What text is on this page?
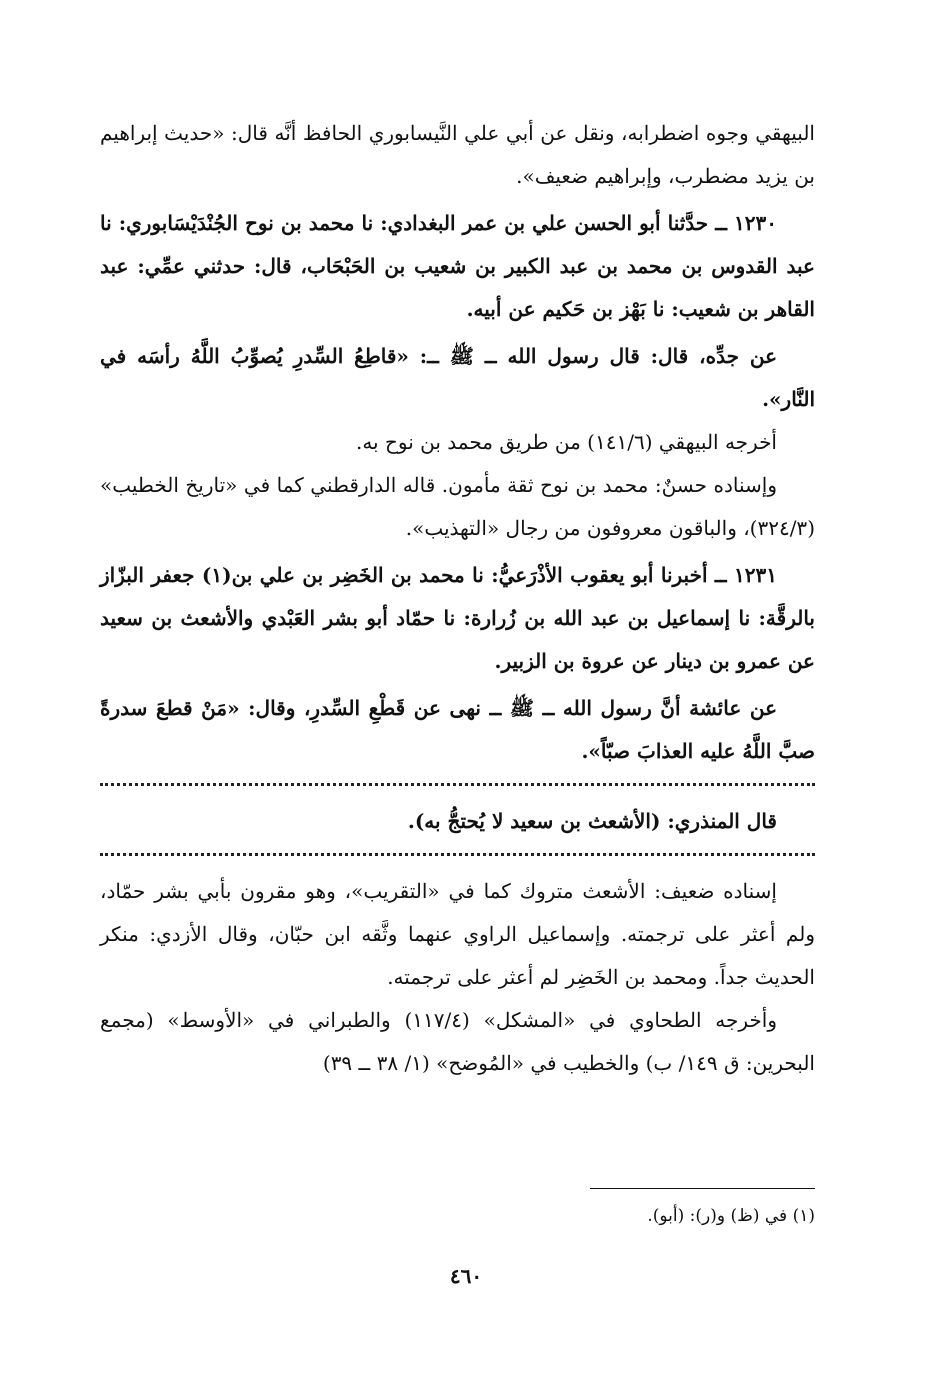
البيهقي وجوه اضطرابه، ونقل عن أبي علي النَّيسابوري الحافظ أنَّه قال: «حديث إبراهيم بن يزيد مضطرب، وإبراهيم ضعيف».

١٢٣٠ ــ حدَّثنا أبو الحسن علي بن عمر البغدادي: نا محمد بن نوح الجُنْدَيْسَابوري: نا عبد القدوس بن محمد بن عبد الكبير بن شعيب بن الحَبْحَاب، قال: حدثني عمِّي: عبد القاهر بن شعيب: نا بَهْز بن حَكيم عن أبيه.

عن جدِّه، قال: قال رسول الله ــ ﷺ ــ: «قاطِعُ السِّدرِ يُصوِّبُ اللَّهُ رأسَه في النَّار».

أخرجه البيهقي (١٤١/٦) من طريق محمد بن نوح به.

وإسناده حسنٌ: محمد بن نوح ثقة مأمون. قاله الدارقطني كما في «تاريخ الخطيب» (٣٢٤/٣)، والباقون معروفون من رجال «التهذيب».

١٢٣١ ــ أخبرنا أبو يعقوب الأذْرَعيُّ: نا محمد بن الخَضِر بن علي بن(١) جعفر البزّاز بالرقَّة: نا إسماعيل بن عبد الله بن زُرارة: نا حمّاد أبو بشر العَبْدي والأشعث بن سعيد عن عمرو بن دينار عن عروة بن الزبير.

عن عائشة أنَّ رسول الله ــ ﷺ ــ نهى عن قَطْعِ السِّدرِ، وقال: «مَنْ قطعَ سدرةً صبَّ اللَّهُ عليه العذابَ صبّاً».

قال المنذري: (الأشعث بن سعيد لا يُحتجُّ به).

إسناده ضعيف: الأشعث متروك كما في «التقريب»، وهو مقرون بأبي بشر حمّاد، ولم أعثر على ترجمته. وإسماعيل الراوي عنهما وثَّقه ابن حبّان، وقال الأزدي: منكر الحديث جداً. ومحمد بن الخَضِر لم أعثر على ترجمته.

وأخرجه الطحاوي في «المشكل» (١١٧/٤) والطبراني في «الأوسط» (مجمع البحرين: ق ١٤٩/ ب) والخطيب في «المُوضح» (١/ ٣٨ ــ ٣٩)

(١) في (ظ) و(ر): (أبو).
٤٦٠
